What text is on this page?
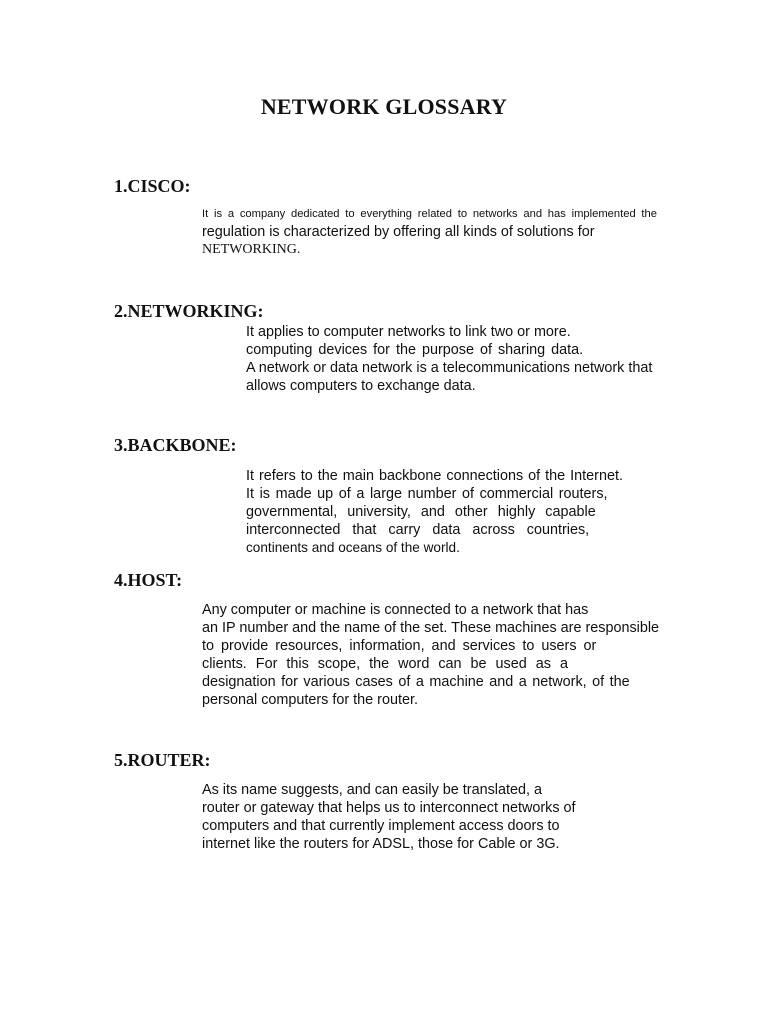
NETWORK GLOSSARY
1.CISCO:
It is a company dedicated to everything related to networks and has implemented the
regulation is characterized by offering all kinds of solutions for
NETWORKING.
2.NETWORKING:
It applies to computer networks to link two or more.
computing devices for the purpose of sharing data.
A network or data network is a telecommunications network that
allows computers to exchange data.
3.BACKBONE:
It refers to the main backbone connections of the Internet.
It is made up of a large number of commercial routers,
governmental, university, and other highly capable
interconnected that carry data across countries,
continents and oceans of the world.
4.HOST:
Any computer or machine is connected to a network that has
an IP number and the name of the set. These machines are responsible
to provide resources, information, and services to users or
clients. For this scope, the word can be used as a
designation for various cases of a machine and a network, of the
personal computers for the router.
5.ROUTER:
As its name suggests, and can easily be translated, a
router or gateway that helps us to interconnect networks of
computers and that currently implement access doors to
internet like the routers for ADSL, those for Cable or 3G.
